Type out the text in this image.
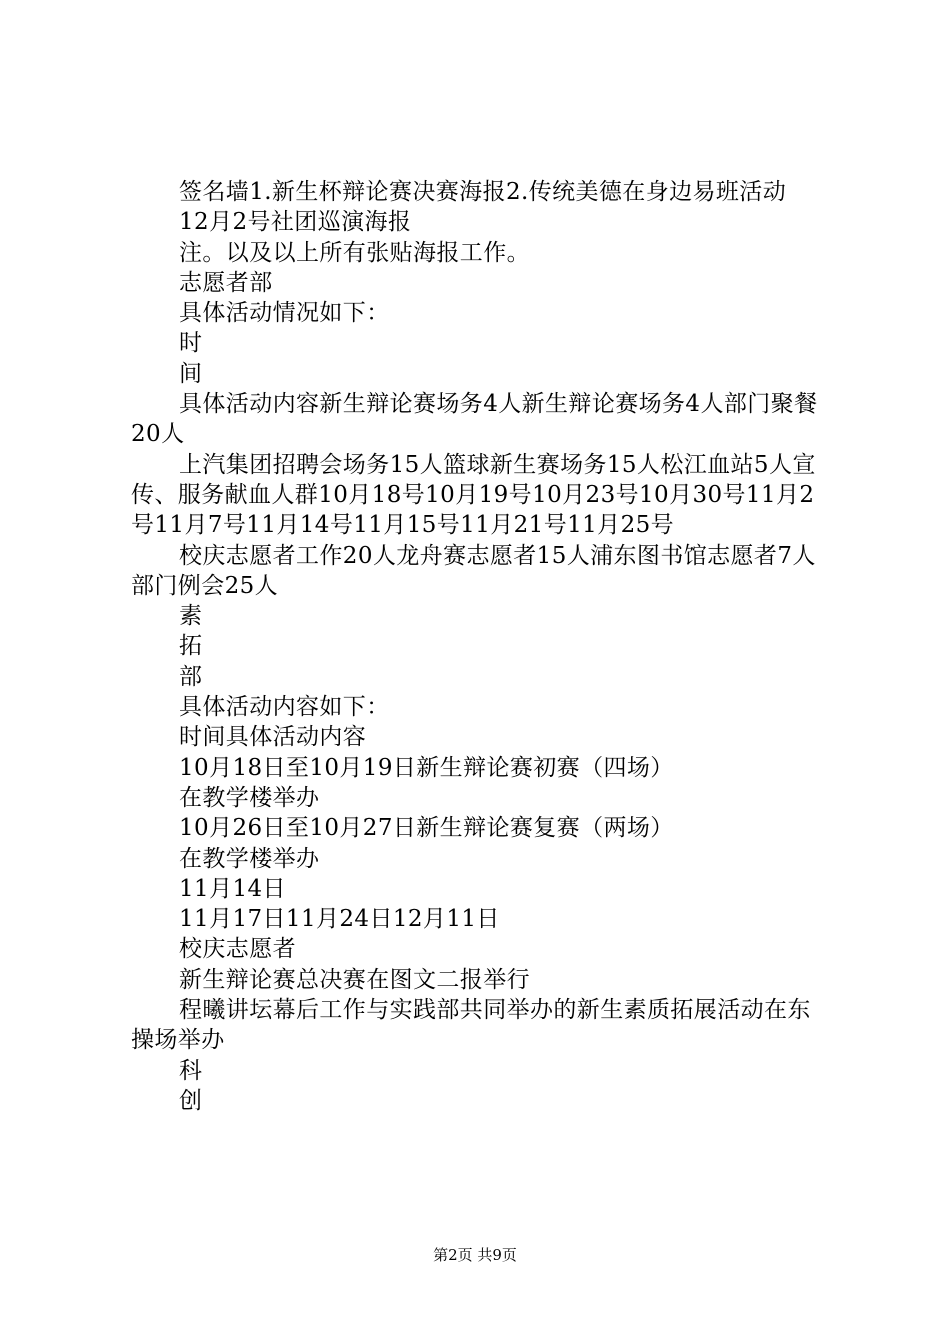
签名墙1.新生杯辩论赛决赛海报2.传统美德在身边易班活动

12月2号社团巡演海报

注。以及以上所有张贴海报工作。

志愿者部

具体活动情况如下：

时

间

具体活动内容新生辩论赛场务4人新生辩论赛场务4人部门聚餐20人

上汽集团招聘会场务15人篮球新生赛场务15人松江血站5人宣传、服务献血人群10月18号10月19号10月23号10月30号11月2号11月7号11月14号11月15号11月21号11月25号

校庆志愿者工作20人龙舟赛志愿者15人浦东图书馆志愿者7人部门例会25人

素

拓

部

具体活动内容如下：

时间具体活动内容

10月18日至10月19日新生辩论赛初赛（四场）

在教学楼举办

10月26日至10月27日新生辩论赛复赛（两场）

在教学楼举办

11月14日

11月17日11月24日12月11日

校庆志愿者

新生辩论赛总决赛在图文二报举行

程曦讲坛幕后工作与实践部共同举办的新生素质拓展活动在东操场举办

科

创

第2页 共9页
